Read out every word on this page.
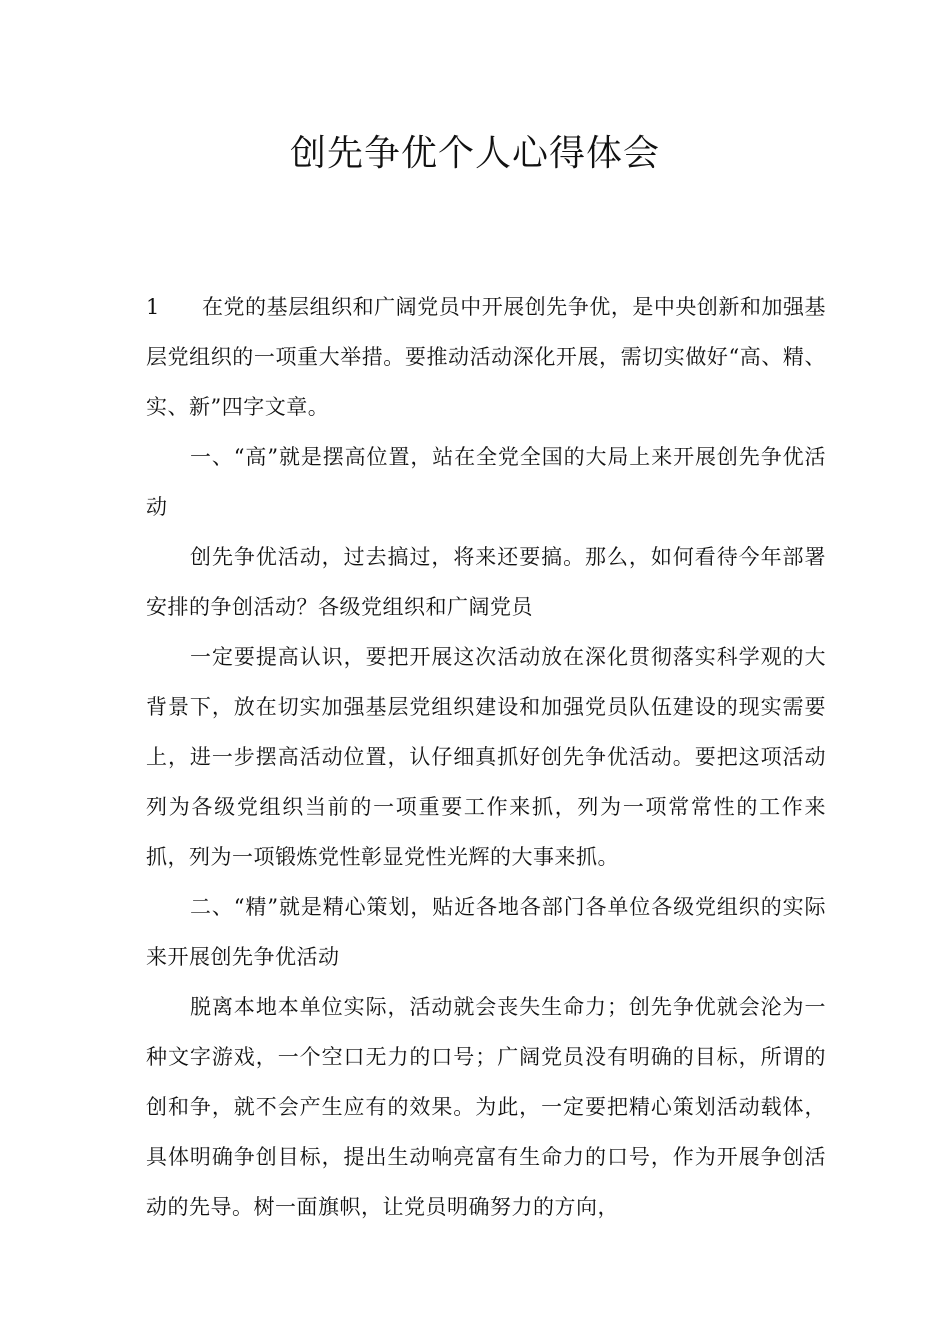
创先争优个人心得体会

1 在党的基层组织和广阔党员中开展创先争优，是中央创新和加强基层党组织的一项重大举措。要推动活动深化开展，需切实做好“高、精、实、新”四字文章。

一、“高”就是摆高位置，站在全党全国的大局上来开展创先争优活动

创先争优活动，过去搞过，将来还要搞。那么，如何看待今年部署安排的争创活动？各级党组织和广阔党员

一定要提高认识，要把开展这次活动放在深化贯彻落实科学观的大背景下，放在切实加强基层党组织建设和加强党员队伍建设的现实需要上，进一步摆高活动位置，认仔细真抓好创先争优活动。要把这项活动列为各级党组织当前的一项重要工作来抓，列为一项常常性的工作来抓，列为一项锻炼党性彰显党性光辉的大事来抓。

二、“精”就是精心策划，贴近各地各部门各单位各级党组织的实际来开展创先争优活动

脱离本地本单位实际，活动就会丧失生命力；创先争优就会沦为一种文字游戏，一个空口无力的口号；广阔党员没有明确的目标，所谓的创和争，就不会产生应有的效果。为此，一定要把精心策划活动载体，具体明确争创目标，提出生动响亮富有生命力的口号，作为开展争创活动的先导。树一面旗帜，让党员明确努力的方向，
